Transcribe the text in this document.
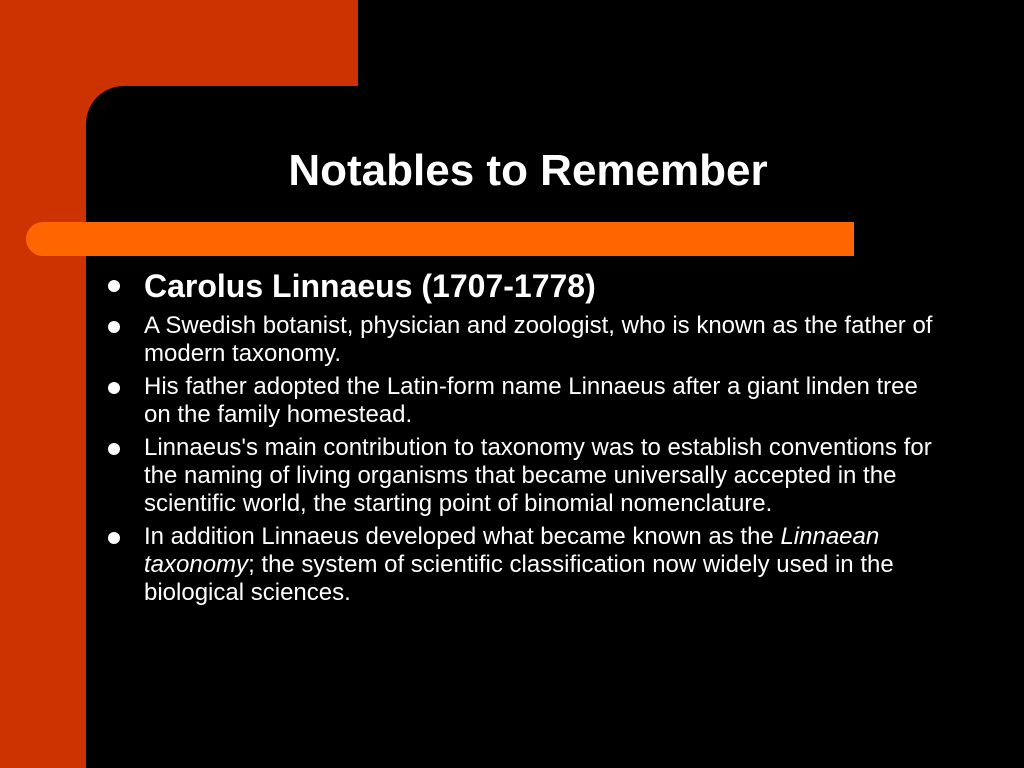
Notables to Remember
Carolus Linnaeus (1707-1778)
A Swedish botanist, physician and zoologist, who is known as the father of modern taxonomy.
His father adopted the Latin-form name Linnaeus after a giant linden tree on the family homestead.
Linnaeus's main contribution to taxonomy was to establish conventions for the naming of living organisms that became universally accepted in the scientific world, the starting point of binomial nomenclature.
In addition Linnaeus developed what became known as the Linnaean taxonomy; the system of scientific classification now widely used in the biological sciences.
